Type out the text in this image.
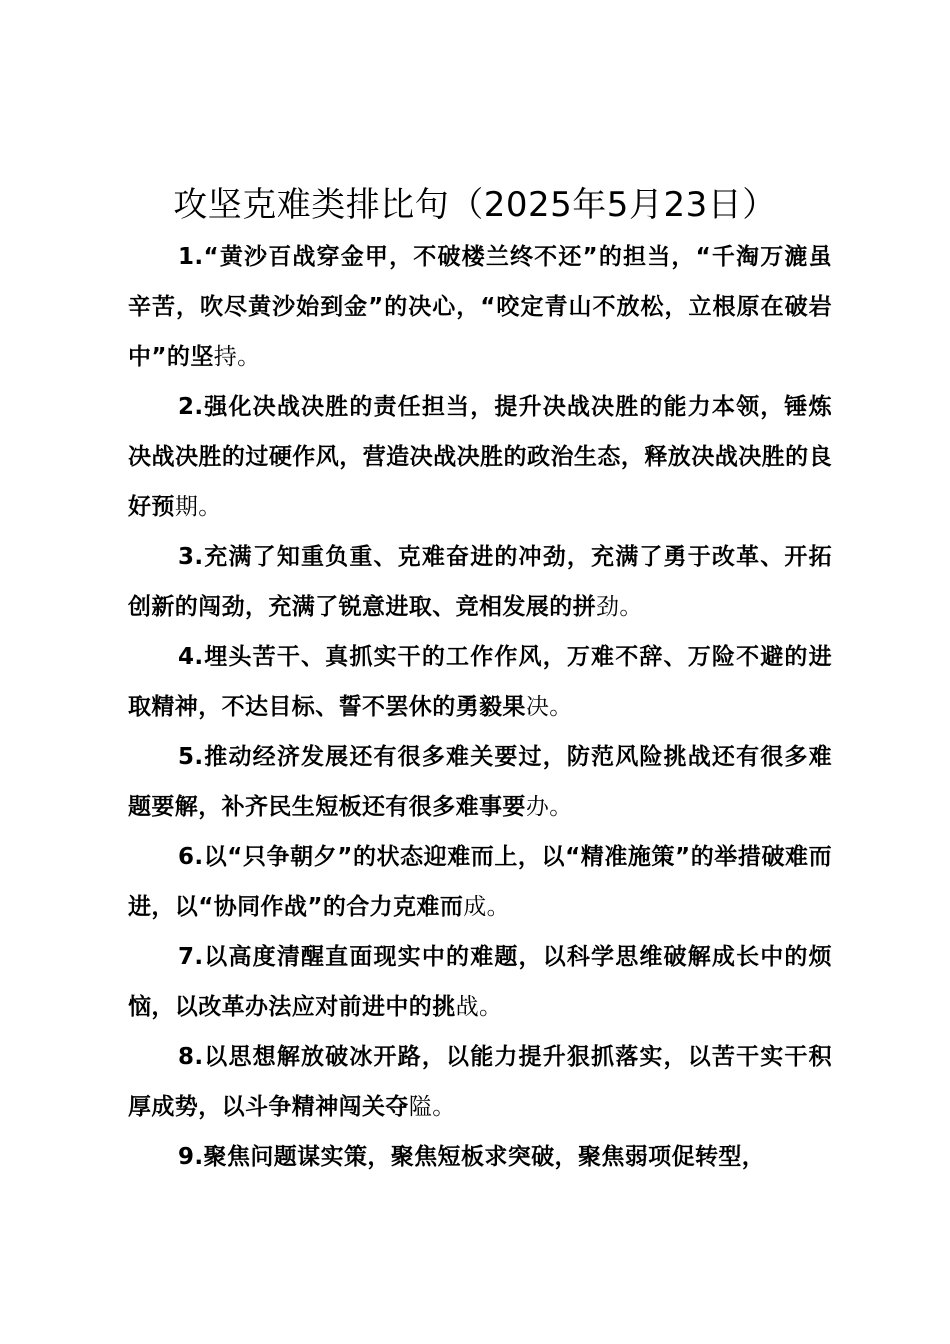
攻坚克难类排比句（2025年5月23日）

1.“黄沙百战穿金甲，不破楼兰终不还”的担当，“千淘万漉虽辛苦，吹尽黄沙始到金”的决心，“咬定青山不放松，立根原在破岩中”的坚持。

2.强化决战决胜的责任担当，提升决战决胜的能力本领，锤炼决战决胜的过硬作风，营造决战决胜的政治生态，释放决战决胜的良好预期。

3.充满了知重负重、克难奋进的冲劲，充满了勇于改革、开拓创新的闯劲，充满了锐意进取、竞相发展的拼劲。

4.埋头苦干、真抓实干的工作作风，万难不辞、万险不避的进取精神，不达目标、誓不罢休的勇毅果决。

5.推动经济发展还有很多难关要过，防范风险挑战还有很多难题要解，补齐民生短板还有很多难事要办。

6.以“只争朝夕”的状态迎难而上，以“精准施策”的举措破难而进，以“协同作战”的合力克难而成。

7.以高度清醒直面现实中的难题，以科学思维破解成长中的烦恼，以改革办法应对前进中的挑战。

8.以思想解放破冰开路，以能力提升狠抓落实，以苦干实干积厚成势，以斗争精神闯关夺隘。

9.聚焦问题谋实策，聚焦短板求突破，聚焦弱项促转型，
